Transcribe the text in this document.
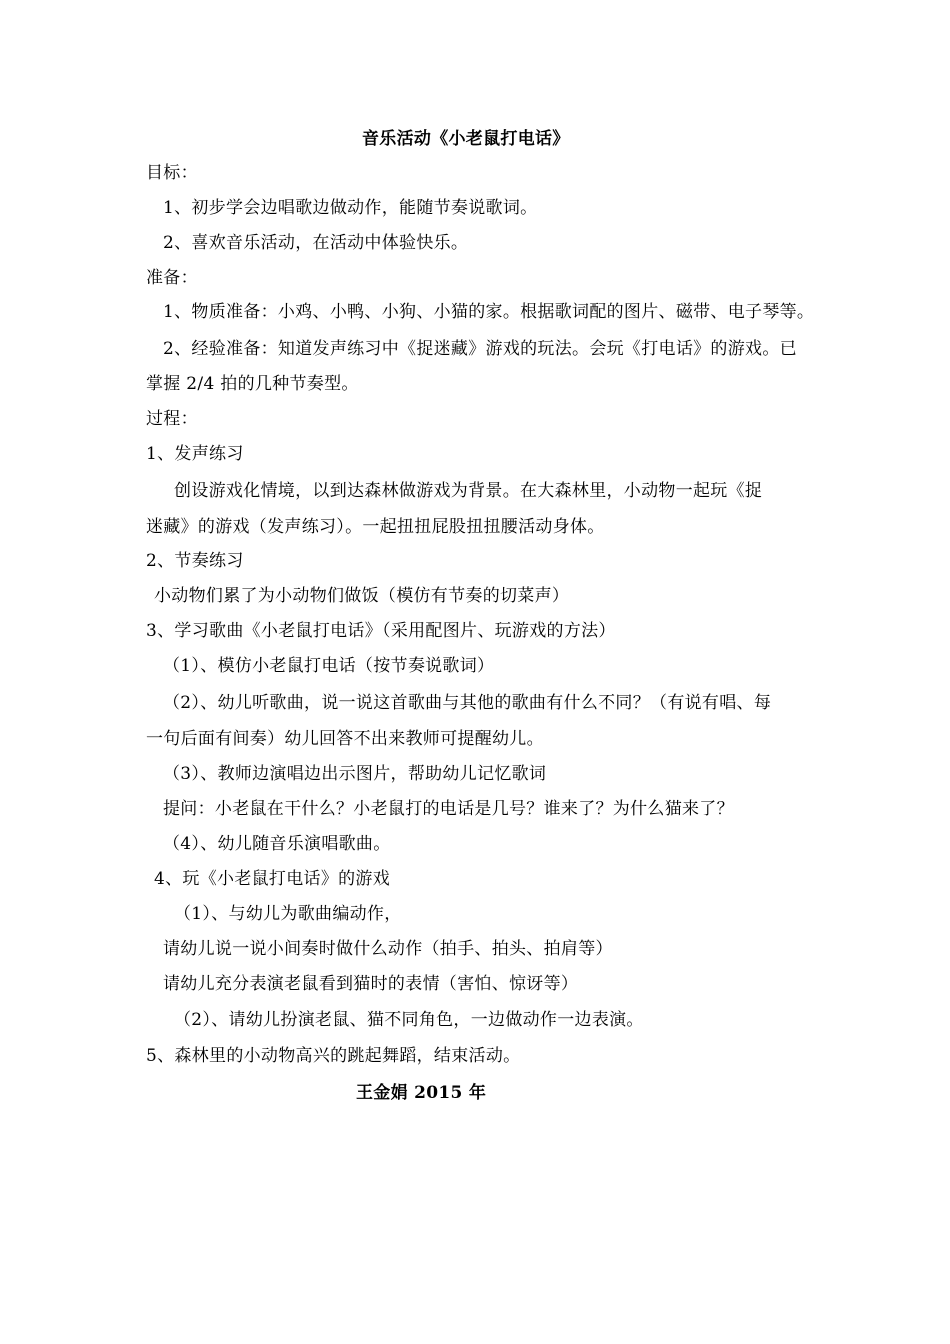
音乐活动《小老鼠打电话》
目标：
1、初步学会边唱歌边做动作，能随节奏说歌词。
2、喜欢音乐活动，在活动中体验快乐。
准备：
1、物质准备：小鸡、小鸭、小狗、小猫的家。根据歌词配的图片、磁带、电子琴等。
2、经验准备：知道发声练习中《捉迷藏》游戏的玩法。会玩《打电话》的游戏。已
掌握 2/4 拍的几种节奏型。
过程：
1、发声练习
创设游戏化情境，以到达森林做游戏为背景。在大森林里，小动物一起玩《捉
迷藏》的游戏（发声练习）。一起扭扭屁股扭扭腰活动身体。
2、节奏练习
小动物们累了为小动物们做饭（模仿有节奏的切菜声）
3、学习歌曲《小老鼠打电话》（采用配图片、玩游戏的方法）
（1）、模仿小老鼠打电话（按节奏说歌词）
（2）、幼儿听歌曲，说一说这首歌曲与其他的歌曲有什么不同？（有说有唱、每
一句后面有间奏）幼儿回答不出来教师可提醒幼儿。
（3）、教师边演唱边出示图片，帮助幼儿记忆歌词
提问：小老鼠在干什么？小老鼠打的电话是几号？谁来了？为什么猫来了？
（4）、幼儿随音乐演唱歌曲。
4、玩《小老鼠打电话》的游戏
（1）、与幼儿为歌曲编动作，
请幼儿说一说小间奏时做什么动作（拍手、拍头、拍肩等）
请幼儿充分表演老鼠看到猫时的表情（害怕、惊讶等）
（2）、请幼儿扮演老鼠、猫不同角色，一边做动作一边表演。
5、森林里的小动物高兴的跳起舞蹈，结束活动。
王金娟 2015 年
